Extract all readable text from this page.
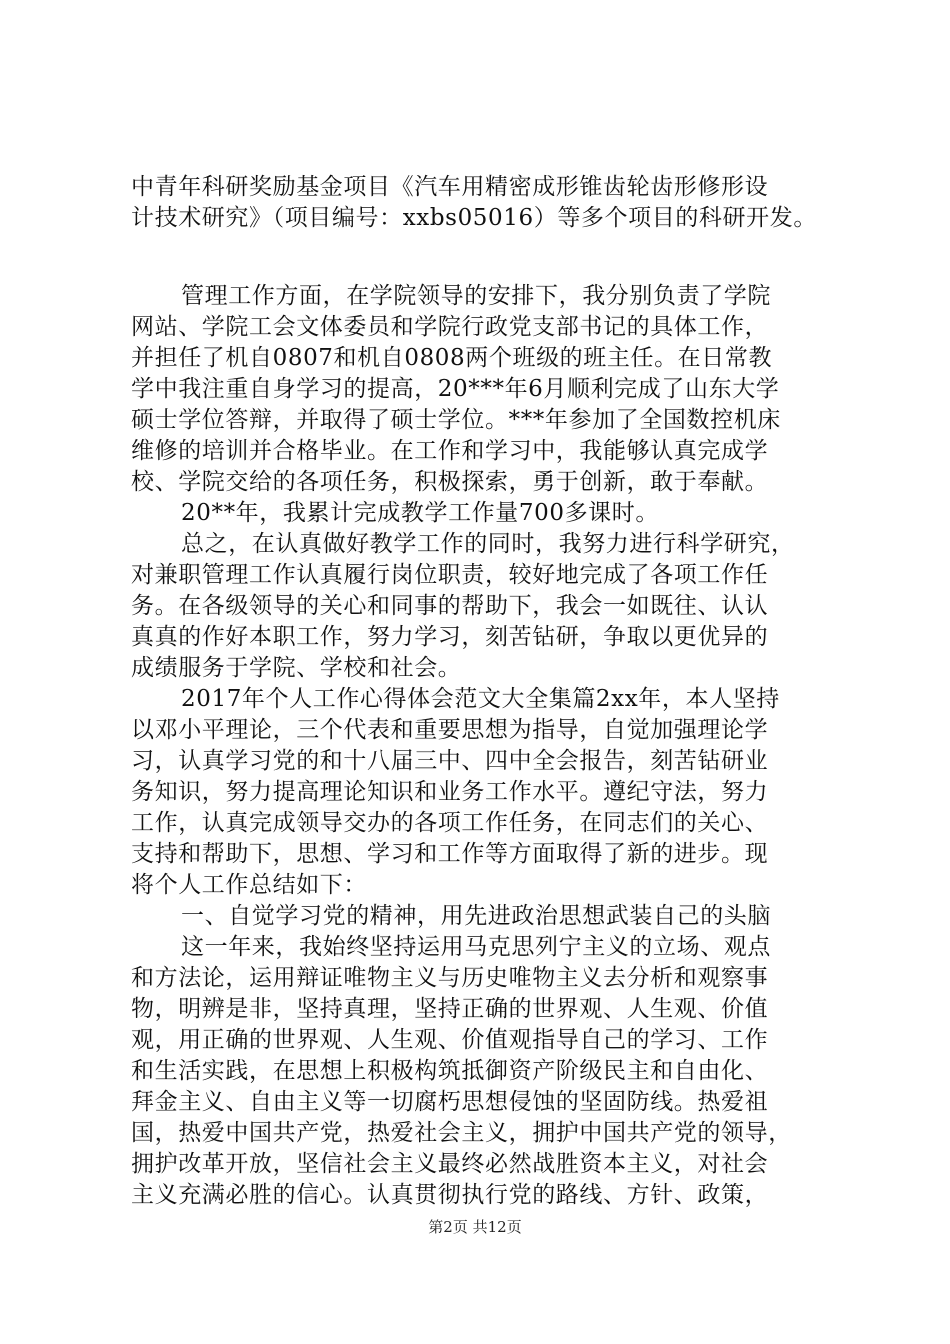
中青年科研奖励基金项目《汽车用精密成形锥齿轮齿形修形设
计技术研究》（项目编号：xxbs05016）等多个项目的科研开发。
管理工作方面，在学院领导的安排下，我分别负责了学院
网站、学院工会文体委员和学院行政党支部书记的具体工作，
并担任了机自0807和机自0808两个班级的班主任。在日常教
学中我注重自身学习的提高，20***年6月顺利完成了山东大学
硕士学位答辩，并取得了硕士学位。***年参加了全国数控机床
维修的培训并合格毕业。在工作和学习中，我能够认真完成学
校、学院交给的各项任务，积极探索，勇于创新，敢于奉献。
20**年，我累计完成教学工作量700多课时。
总之，在认真做好教学工作的同时，我努力进行科学研究，
对兼职管理工作认真履行岗位职责，较好地完成了各项工作任
务。在各级领导的关心和同事的帮助下，我会一如既往、认认
真真的作好本职工作，努力学习，刻苦钻研，争取以更优异的
成绩服务于学院、学校和社会。
2017年个人工作心得体会范文大全集篇2xx年，本人坚持
以邓小平理论，三个代表和重要思想为指导，自觉加强理论学
习，认真学习党的和十八届三中、四中全会报告，刻苦钻研业
务知识，努力提高理论知识和业务工作水平。遵纪守法，努力
工作，认真完成领导交办的各项工作任务，在同志们的关心、
支持和帮助下，思想、学习和工作等方面取得了新的进步。现
将个人工作总结如下：
一、自觉学习党的精神，用先进政治思想武装自己的头脑
这一年来，我始终坚持运用马克思列宁主义的立场、观点
和方法论，运用辩证唯物主义与历史唯物主义去分析和观察事
物，明辨是非，坚持真理，坚持正确的世界观、人生观、价值
观，用正确的世界观、人生观、价值观指导自己的学习、工作
和生活实践，在思想上积极构筑抵御资产阶级民主和自由化、
拜金主义、自由主义等一切腐朽思想侵蚀的坚固防线。热爱祖
国，热爱中国共产党，热爱社会主义，拥护中国共产党的领导，
拥护改革开放，坚信社会主义最终必然战胜资本主义，对社会
主义充满必胜的信心。认真贯彻执行党的路线、方针、政策，
第2页 共12页
